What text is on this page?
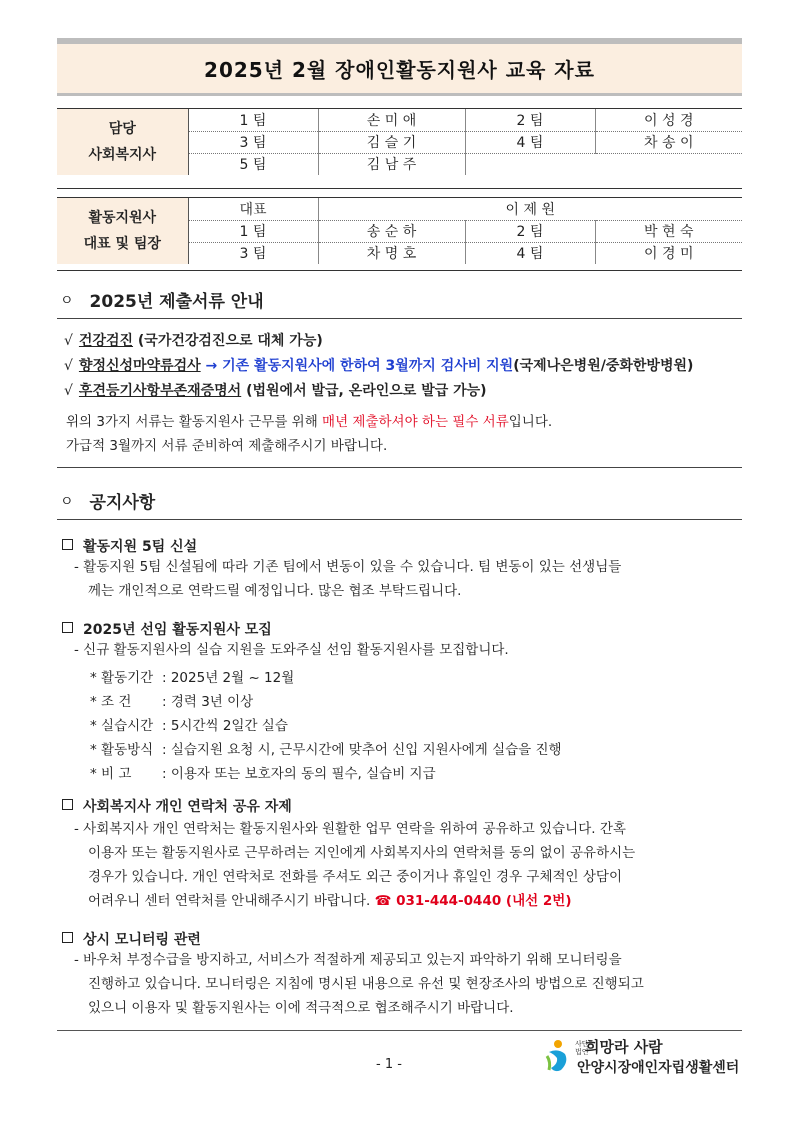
2025년 2월 장애인활동지원사 교육 자료
담당
사회복지사	1 팀	손 미 애	2 팀	이 성 경
	3 팀	김 슬 기	4 팀	차 송 이
	5 팀	김 남 주		
활동지원사
대표 및 팀장	대표	이 제 원		
	1 팀	송 순 하	2 팀	박 현 숙
	3 팀	차 명 호	4 팀	이 경 미
ㅇ 2025년 제출서류 안내
√ 건강검진 (국가건강검진으로 대체 가능)
√ 향정신성마약류검사 → 기존 활동지원사에 한하여 3월까지 검사비 지원(국제나은병원/중화한방병원)
√ 후견등기사항부존재증명서 (법원에서 발급, 온라인으로 발급 가능)
위의 3가지 서류는 활동지원사 근무를 위해 매년 제출하셔야 하는 필수 서류입니다.
가급적 3월까지 서류 준비하여 제출해주시기 바랍니다.
ㅇ 공지사항
활동지원 5팀 신설
- 활동지원 5팀 신설됨에 따라 기존 팀에서 변동이 있을 수 있습니다. 팀 변동이 있는 선생님들
께는 개인적으로 연락드릴 예정입니다. 많은 협조 부탁드립니다.
2025년 선임 활동지원사 모집
- 신규 활동지원사의 실습 지원을 도와주실 선임 활동지원사를 모집합니다.
* 활동기간 : 2025년 2월 ~ 12월
* 조 건 : 경력 3년 이상
* 실습시간 : 5시간씩 2일간 실습
* 활동방식 : 실습지원 요청 시, 근무시간에 맞추어 신입 지원사에게 실습을 진행
* 비 고 : 이용자 또는 보호자의 동의 필수, 실습비 지급
사회복지사 개인 연락처 공유 자제
- 사회복지사 개인 연락처는 활동지원사와 원활한 업무 연락을 위하여 공유하고 있습니다. 간혹
이용자 또는 활동지원사로 근무하려는 지인에게 사회복지사의 연락처를 동의 없이 공유하시는
경우가 있습니다. 개인 연락처로 전화를 주셔도 외근 중이거나 휴일인 경우 구체적인 상담이
어려우니 센터 연락처를 안내해주시기 바랍니다. ☎ 031-444-0440 (내선 2번)
상시 모니터링 관련
- 바우처 부정수급을 방지하고, 서비스가 적절하게 제공되고 있는지 파악하기 위해 모니터링을
진행하고 있습니다. 모니터링은 지침에 명시된 내용으로 유선 및 현장조사의 방법으로 진행되고
있으니 이용자 및 활동지원사는 이에 적극적으로 협조해주시기 바랍니다.
- 1 -
사단
법인
희망라 사람
안양시장애인자립생활센터
